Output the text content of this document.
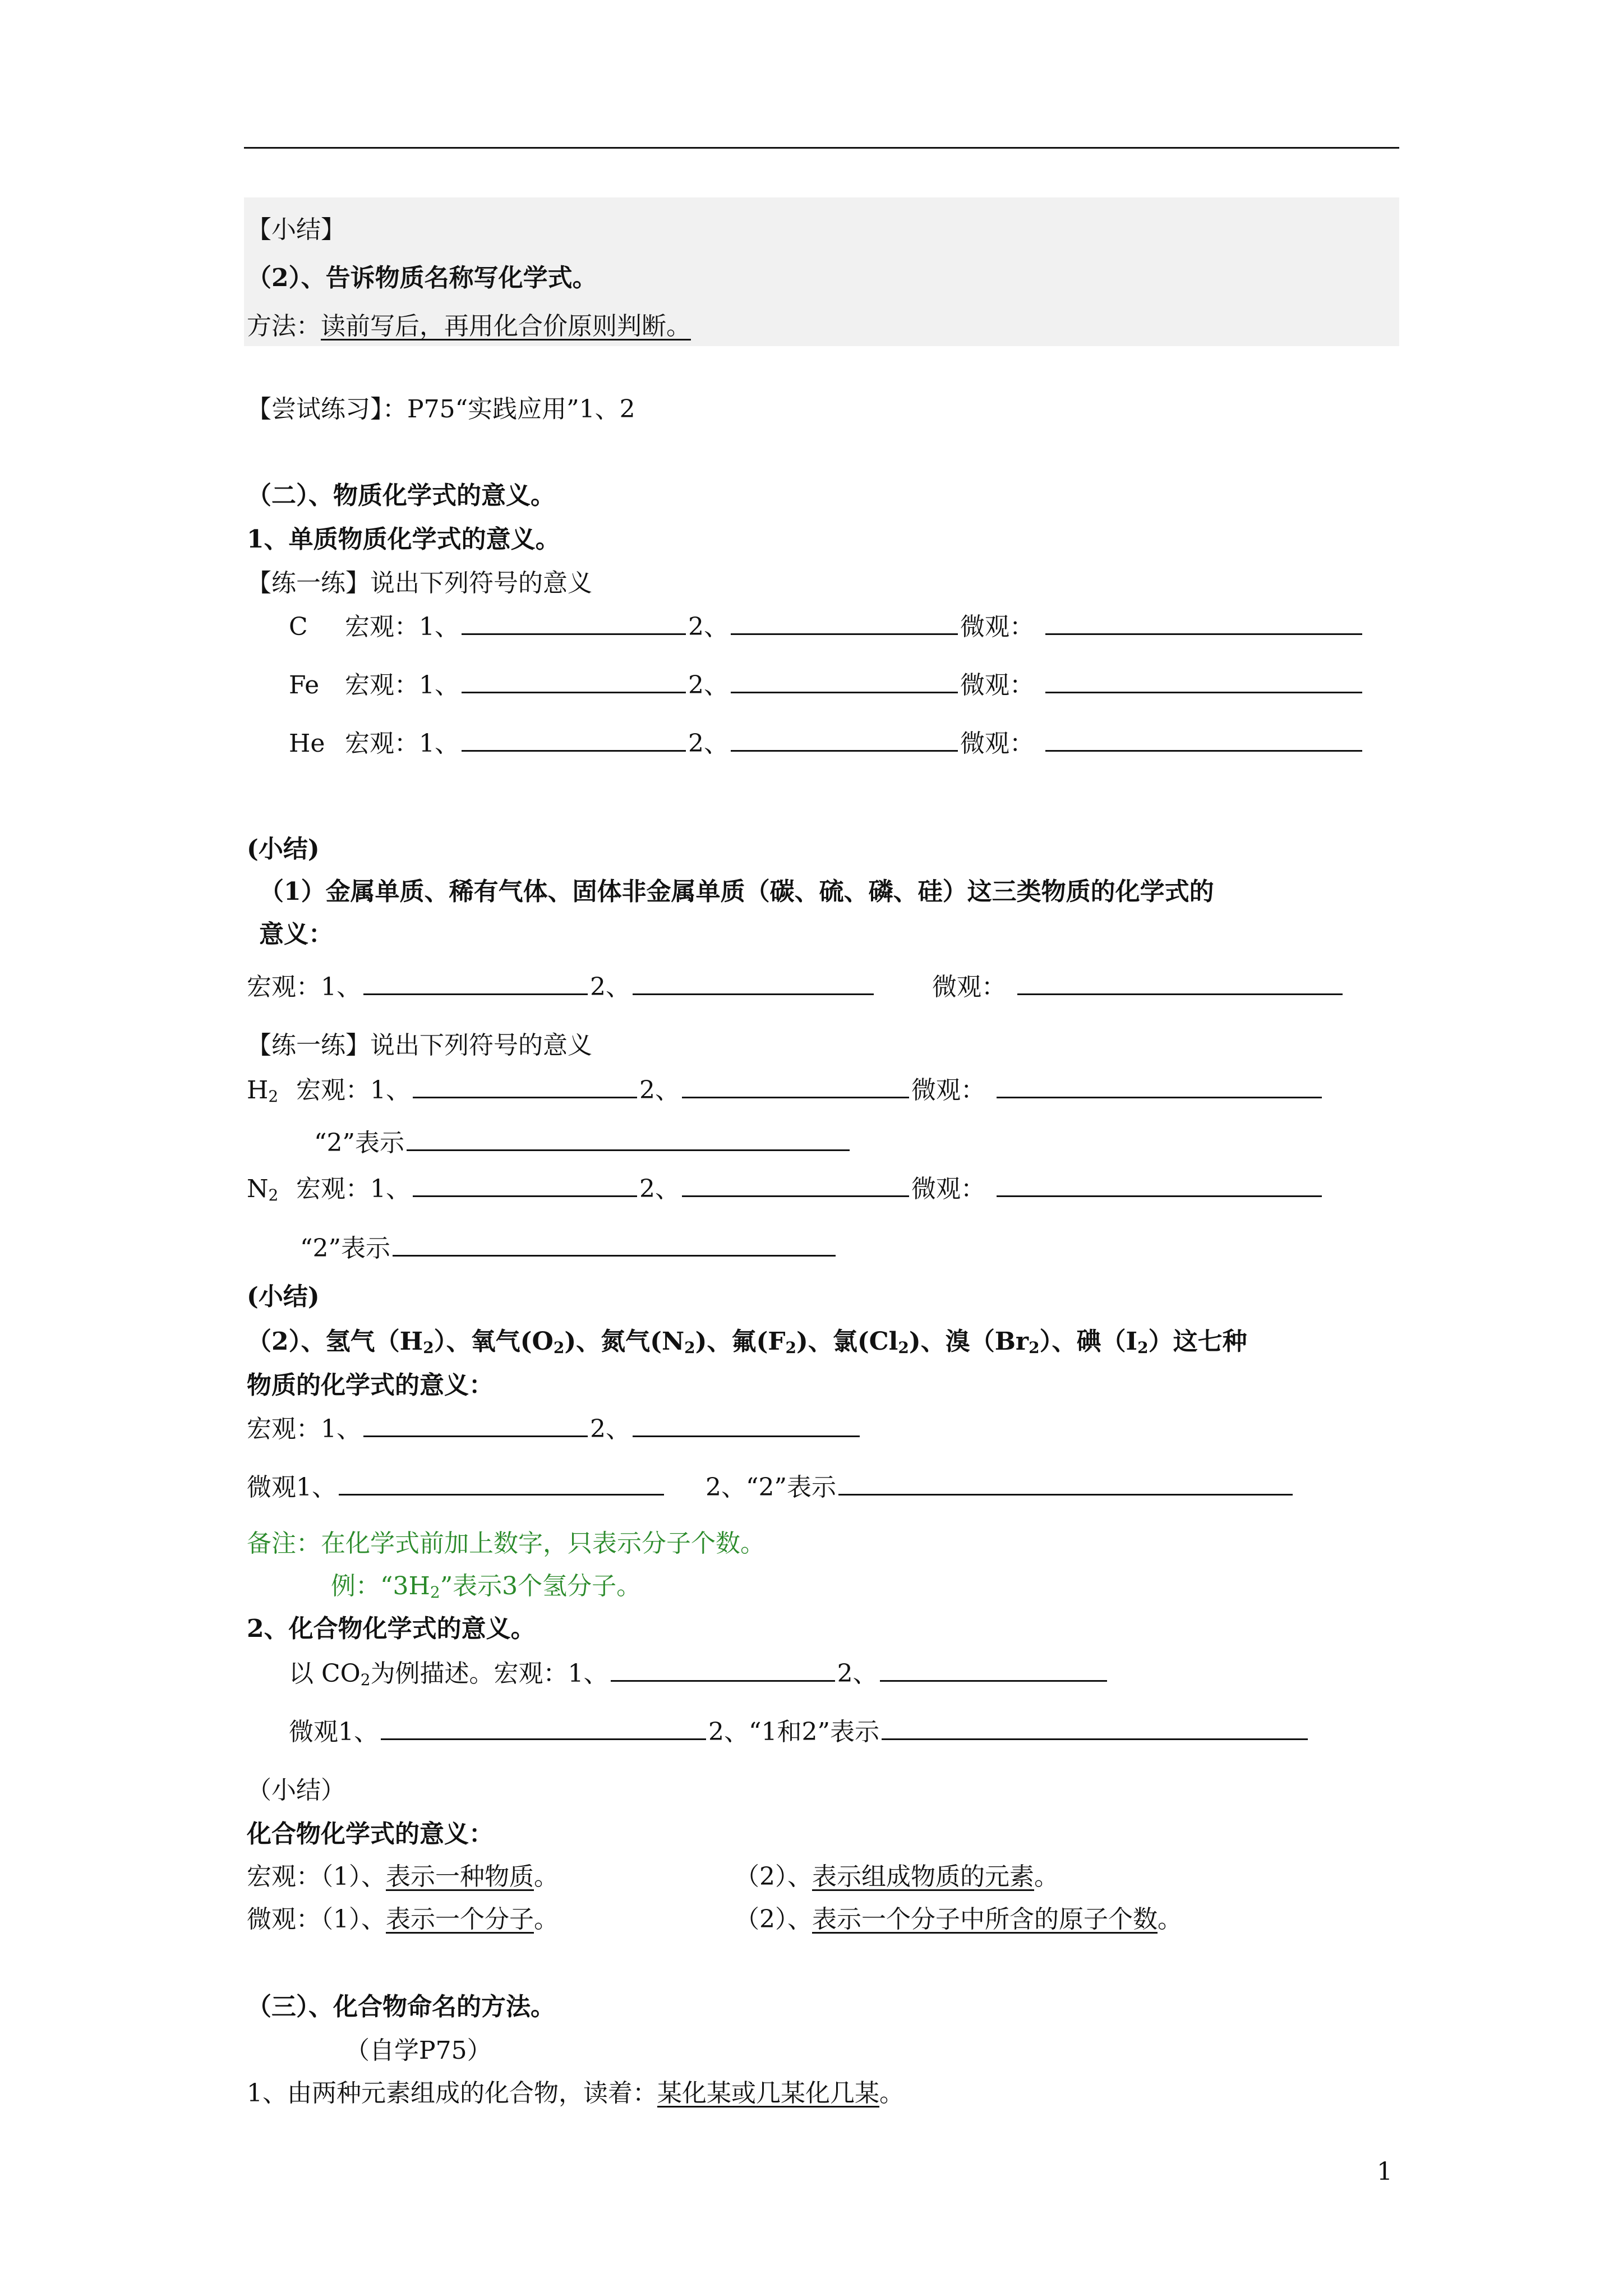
【小结】
（2）、告诉物质名称写化学式。
方法：读前写后，再用化合价原则判断。
【尝试练习】：P75“实践应用”1、2
（二）、物质化学式的意义。
1、单质物质化学式的意义。
【练一练】说出下列符号的意义
C 宏观：1、	2、	微观：
Fe 宏观：1、	2、	微观：
He 宏观：1、	2、	微观：
(小结)
（1）金属单质、稀有气体、固体非金属单质（碳、硫、磷、硅）这三类物质的化学式的
意义：
宏观：1、	2、	微观：
【练一练】说出下列符号的意义
$H_2$ 宏观：1、	2、	微观：
“2”表示
$N_2$ 宏观：1、	2、	微观：
“2”表示
(小结)
（2）、氢气$(H_2)$、氧气$(O_2)$、氮气$(N_2)$、氟$(F_2)$、氯$(Cl_2)$、溴$(Br_2)$、碘$(I_2)$这七种
物质的化学式的意义：
宏观：1、	2、
微观1、	2、“2”表示
备注：在化学式前加上数字，只表示分子个数。
例：“$3H_2$”表示3个氢分子。
2、化合物化学式的意义。
以 $CO_2$为例描述。宏观：1、	2、
微观1、	2、“1和2”表示
（小结）
化合物化学式的意义：
宏观：（1）、表示一种物质。	（2）、表示组成物质的元素。
微观：（1）、表示一个分子。	（2）、表示一个分子中所含的原子个数。
（三）、化合物命名的方法。
（自学P75）
1、由两种元素组成的化合物，读着：某化某或几某化几某。
1
